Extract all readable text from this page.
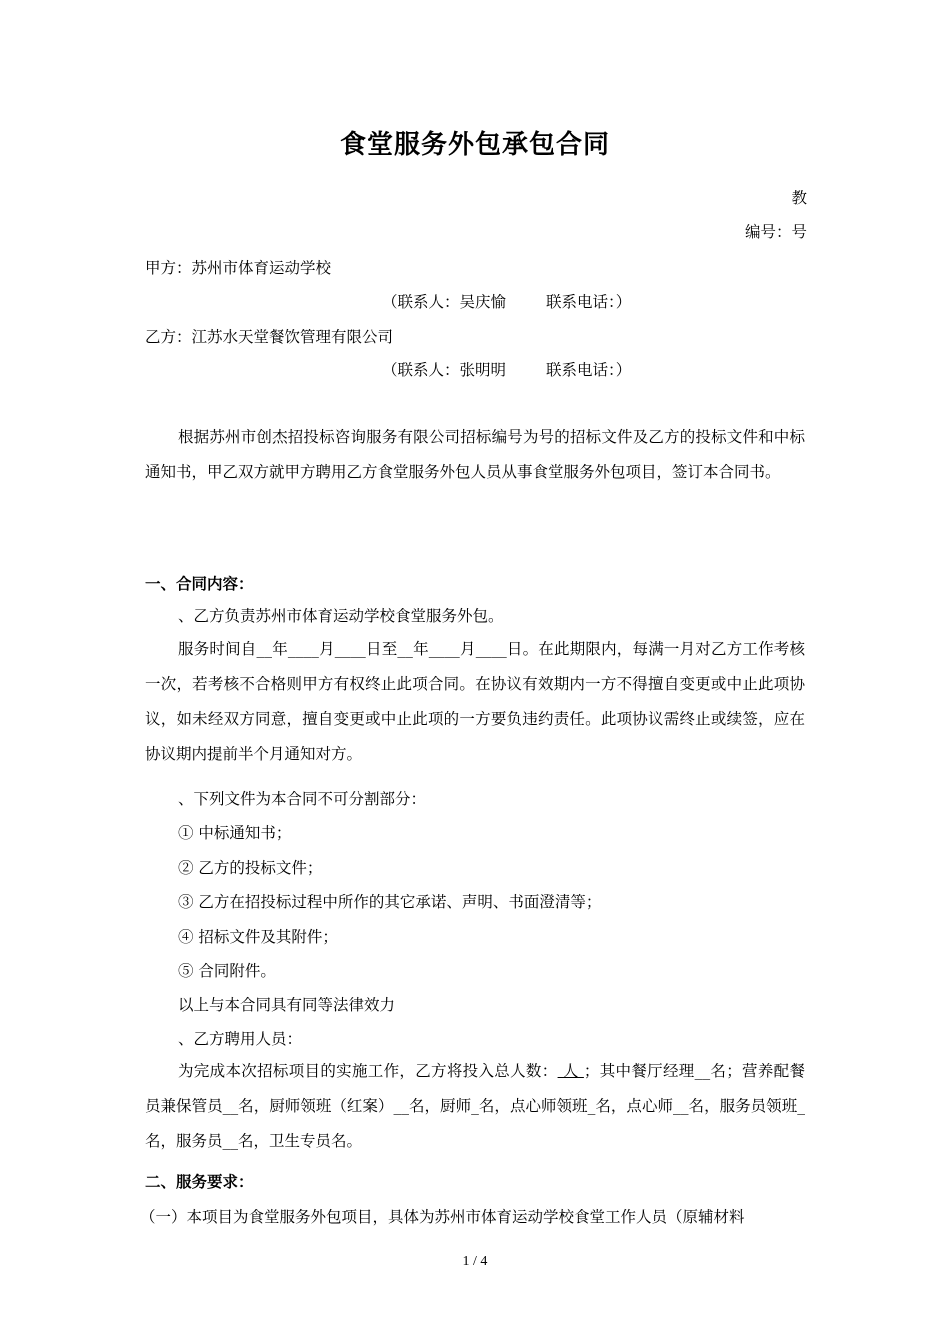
食堂服务外包承包合同
教
编号：号
甲方：苏州市体育运动学校
（联系人：吴庆愉	联系电话：）
乙方：江苏水天堂餐饮管理有限公司
（联系人：张明明	联系电话：）
根据苏州市创杰招投标咨询服务有限公司招标编号为号的招标文件及乙方的投标文件和中标通知书，甲乙双方就甲方聘用乙方食堂服务外包人员从事食堂服务外包项目，签订本合同书。
一、合同内容：
、乙方负责苏州市体育运动学校食堂服务外包。
服务时间自__年____月____日至__年____月____日。在此期限内，每满一月对乙方工作考核一次，若考核不合格则甲方有权终止此项合同。在协议有效期内一方不得擅自变更或中止此项协议，如未经双方同意，擅自变更或中止此项的一方要负违约责任。此项协议需终止或续签，应在协议期内提前半个月通知对方。
、下列文件为本合同不可分割部分：
① 中标通知书；
② 乙方的投标文件；
③ 乙方在招投标过程中所作的其它承诺、声明、书面澄清等；
④ 招标文件及其附件；
⑤ 合同附件。
以上与本合同具有同等法律效力
、乙方聘用人员：
为完成本次招标项目的实施工作，乙方将投入总人数： 人 ；其中餐厅经理__名；营养配餐员兼保管员__名，厨师领班（红案）__名，厨师_名，点心师领班_名，点心师__名，服务员领班_名，服务员__名，卫生专员名。
二、服务要求：
（一）本项目为食堂服务外包项目，具体为苏州市体育运动学校食堂工作人员（原辅材料
1 / 4
